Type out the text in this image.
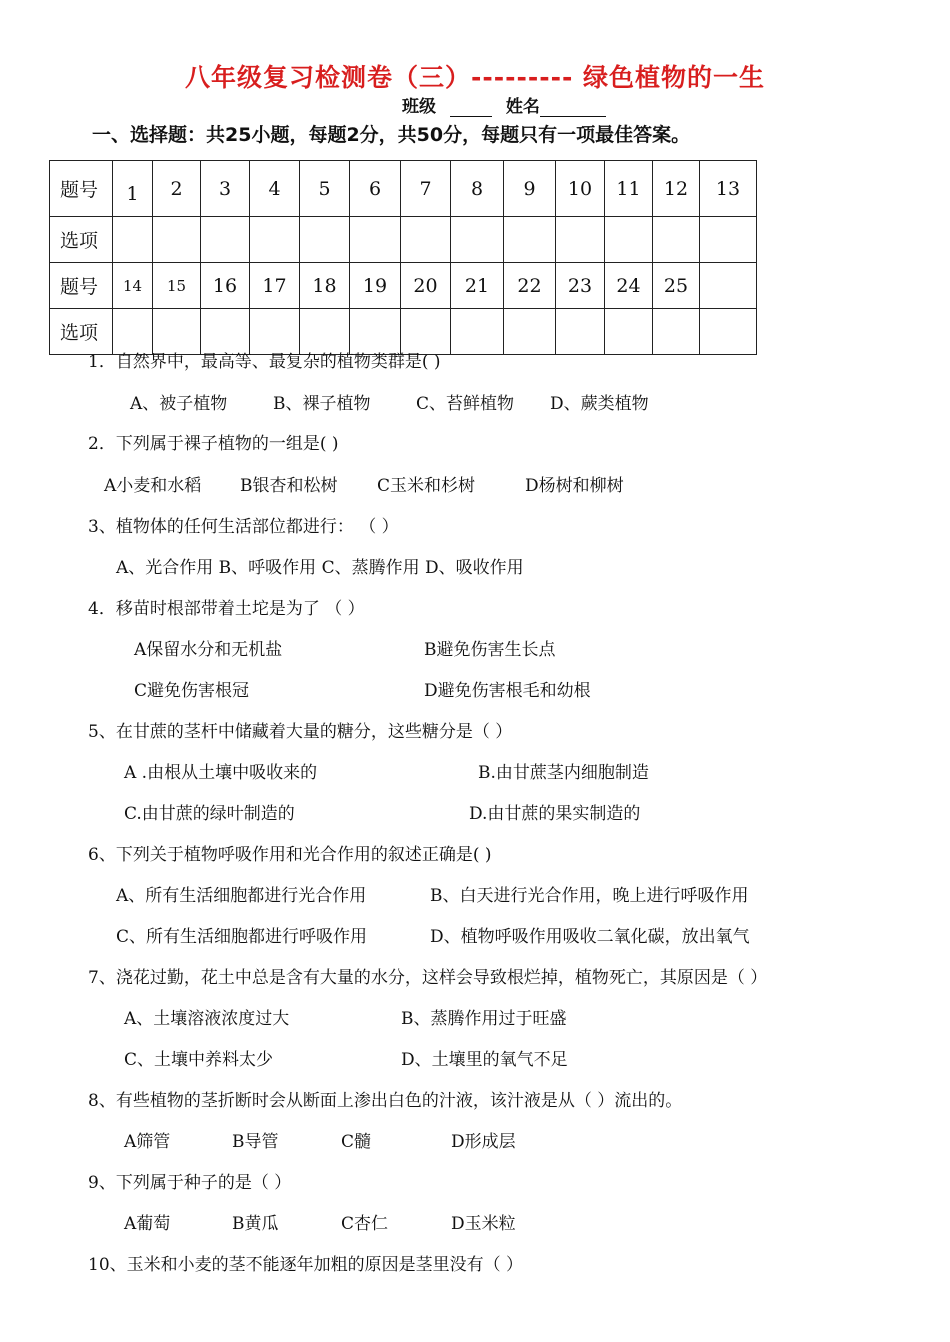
八年级复习检测卷（三）--------- 绿色植物的一生
班级	姓名
一、选择题：共25小题，每题2分，共50分，每题只有一项最佳答案。
题号	1	2	3	4	5	6	7	8	9	10	11	12	13
选项													
题号	14	15	16	17	18	19	20	21	22	23	24	25	
选项													
1．自然界中，最高等、最复杂的植物类群是( )
A、被子植物	B、裸子植物	C、苔鲜植物 D、蕨类植物
2．下列属于裸子植物的一组是( )
A小麦和水稻 B银杏和松树 C玉米和杉树	D杨树和柳树
3、植物体的任何生活部位都进行： （ ）
A、光合作用 B、呼吸作用 C、蒸腾作用 D、吸收作用
4．移苗时根部带着土坨是为了 （ ）
A保留水分和无机盐	B避免伤害生长点
C避免伤害根冠	D避免伤害根毛和幼根
5、在甘蔗的茎杆中储藏着大量的糖分，这些糖分是（ ）
A .由根从土壤中吸收来的	B.由甘蔗茎内细胞制造
C.由甘蔗的绿叶制造的	D.由甘蔗的果实制造的
6、下列关于植物呼吸作用和光合作用的叙述正确是( )
A、所有生活细胞都进行光合作用	B、白天进行光合作用，晚上进行呼吸作用
C、所有生活细胞都进行呼吸作用	D、植物呼吸作用吸收二氧化碳，放出氧气
7、浇花过勤，花土中总是含有大量的水分，这样会导致根烂掉，植物死亡，其原因是（ ）
A、土壤溶液浓度过大	B、蒸腾作用过于旺盛
C、土壤中养料太少	D、土壤里的氧气不足
8、有些植物的茎折断时会从断面上渗出白色的汁液，该汁液是从（ ）流出的。
A筛管	B导管	C髓	D形成层
9、下列属于种子的是（ ）
A葡萄	B黄瓜	C杏仁	D玉米粒
10、玉米和小麦的茎不能逐年加粗的原因是茎里没有（ ）
